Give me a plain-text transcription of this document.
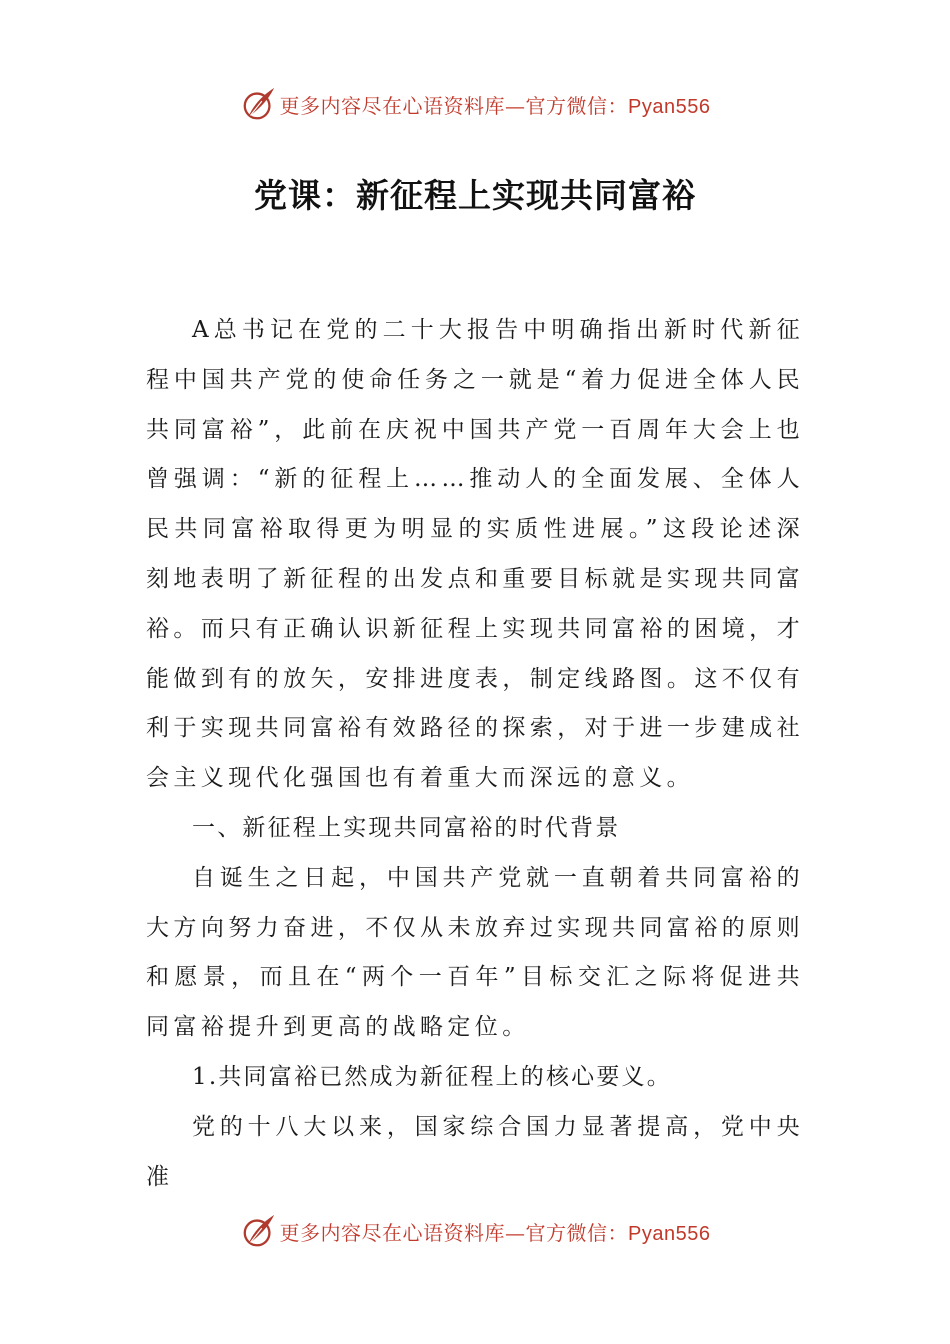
更多内容尽在心语资料库—官方微信：Pyan556
党课：新征程上实现共同富裕

A总书记在党的二十大报告中明确指出新时代新征程中国共产党的使命任务之一就是“着力促进全体人民共同富裕”，此前在庆祝中国共产党一百周年大会上也曾强调：“新的征程上……推动人的全面发展、全体人民共同富裕取得更为明显的实质性进展。”这段论述深刻地表明了新征程的出发点和重要目标就是实现共同富裕。而只有正确认识新征程上实现共同富裕的困境，才能做到有的放矢，安排进度表，制定线路图。这不仅有利于实现共同富裕有效路径的探索，对于进一步建成社会主义现代化强国也有着重大而深远的意义。

一、新征程上实现共同富裕的时代背景

自诞生之日起，中国共产党就一直朝着共同富裕的大方向努力奋进，不仅从未放弃过实现共同富裕的原则和愿景，而且在“两个一百年”目标交汇之际将促进共同富裕提升到更高的战略定位。

1.共同富裕已然成为新征程上的核心要义。

党的十八大以来，国家综合国力显著提高，党中央准

更多内容尽在心语资料库—官方微信：Pyan556
